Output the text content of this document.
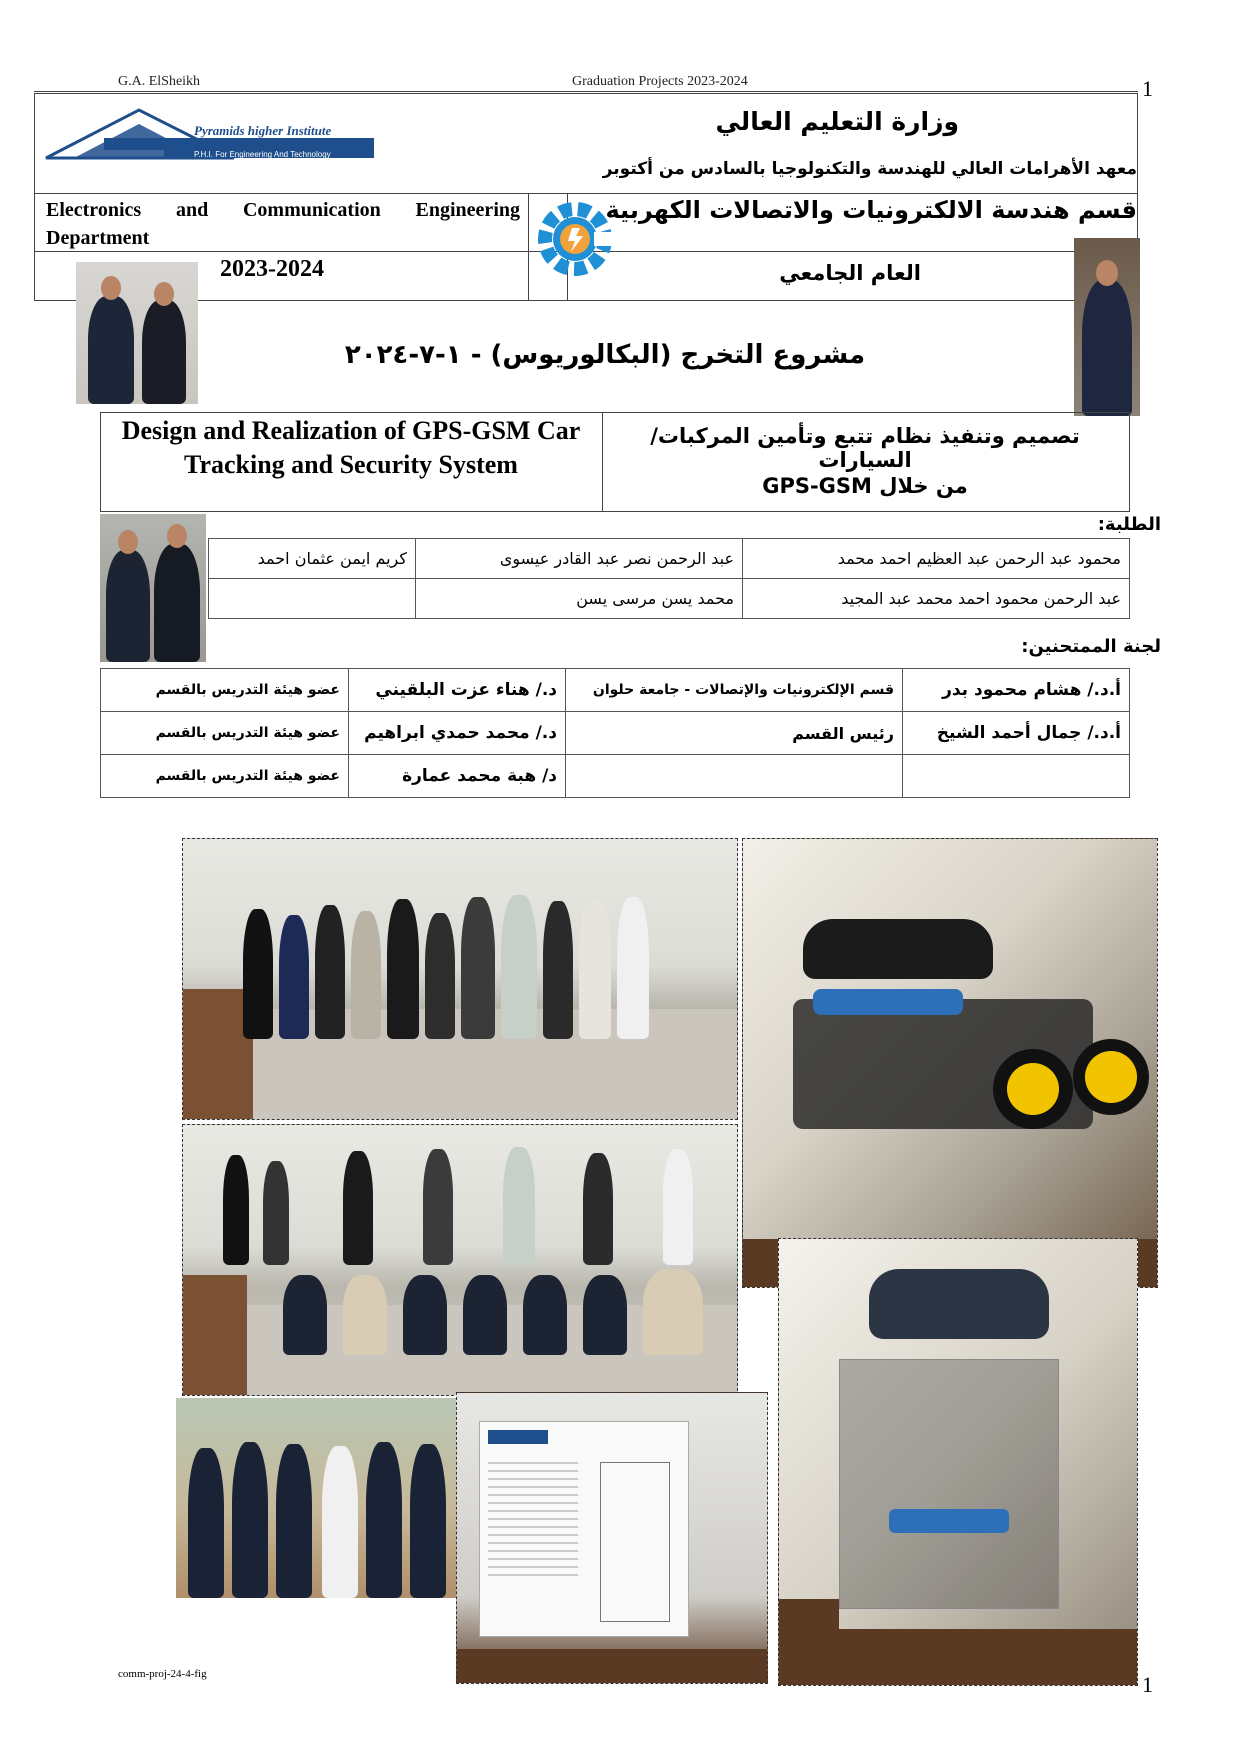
G.A. ElSheikh	Graduation Projects 2023-2024	1
Pyramids higher Institute
P.H.I. For Engineering And Technology
وزارة التعليم العالي
معهد الأهرامات العالي للهندسة والتكنولوجيا بالسادس من أكتوبر
Electronics and Communication Engineering Department
قسم هندسة الالكترونيات والاتصالات الكهربية
2023-2024	العام الجامعي
مشروع التخرج (البكالوريوس) - ١-٧-٢٠٢٤
Design and Realization of GPS-GSM Car Tracking and Security System
تصميم وتنفيذ نظام تتبع وتأمين المركبات/ السيارات
من خلال GPS-GSM
الطلبة:
محمود عبد الرحمن عبد العظيم احمد محمد	عبد الرحمن نصر عبد القادر عيسوى	كريم ايمن عثمان احمد
عبد الرحمن محمود احمد محمد عبد المجيد	محمد يسن مرسى يسن	
لجنة الممتحنين:
أ.د./ هشام محمود بدر	قسم الإلكترونيات والإتصالات - جامعة حلوان	د./ هناء عزت البلقيني	عضو هيئة التدريس بالقسم
أ.د./ جمال أحمد الشيخ	رئيس القسم	د./ محمد حمدي ابراهيم	عضو هيئة التدريس بالقسم
		د/ هبة محمد عمارة	عضو هيئة التدريس بالقسم
comm-proj-24-4-fig	1
